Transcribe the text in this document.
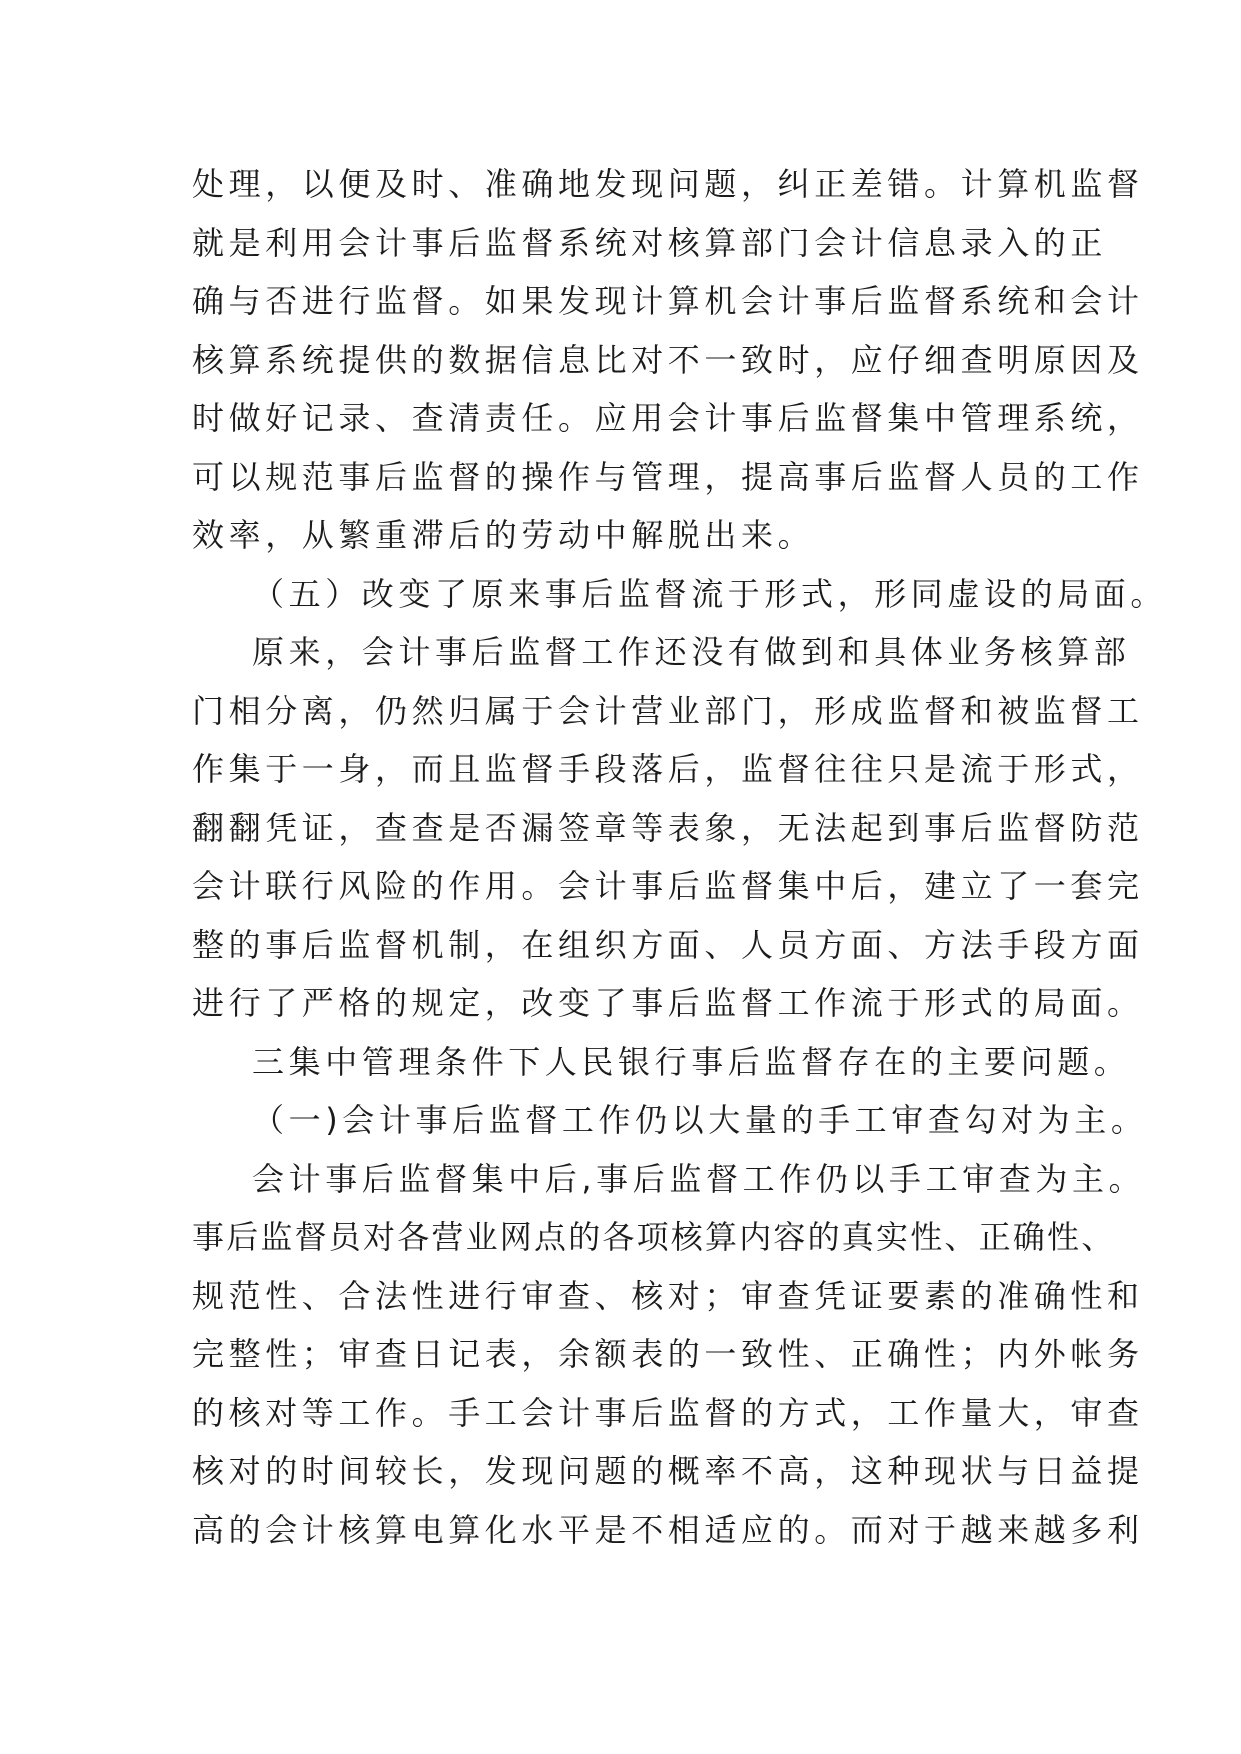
处理，以便及时、准确地发现问题，纠正差错。计算机监督
就是利用会计事后监督系统对核算部门会计信息录入的正
确与否进行监督。如果发现计算机会计事后监督系统和会计
核算系统提供的数据信息比对不一致时，应仔细查明原因及
时做好记录、查清责任。应用会计事后监督集中管理系统，
可以规范事后监督的操作与管理，提高事后监督人员的工作
效率，从繁重滞后的劳动中解脱出来。
（五）改变了原来事后监督流于形式，形同虚设的局面。
原来，会计事后监督工作还没有做到和具体业务核算部
门相分离，仍然归属于会计营业部门，形成监督和被监督工
作集于一身，而且监督手段落后，监督往往只是流于形式，
翻翻凭证，查查是否漏签章等表象，无法起到事后监督防范
会计联行风险的作用。会计事后监督集中后，建立了一套完
整的事后监督机制，在组织方面、人员方面、方法手段方面
进行了严格的规定，改变了事后监督工作流于形式的局面。
三集中管理条件下人民银行事后监督存在的主要问题。
（一)会计事后监督工作仍以大量的手工审查勾对为主。
会计事后监督集中后,事后监督工作仍以手工审查为主。
事后监督员对各营业网点的各项核算内容的真实性、正确性、
规范性、合法性进行审查、核对；审查凭证要素的准确性和
完整性；审查日记表，余额表的一致性、正确性；内外帐务
的核对等工作。手工会计事后监督的方式，工作量大，审查
核对的时间较长，发现问题的概率不高，这种现状与日益提
高的会计核算电算化水平是不相适应的。而对于越来越多利
